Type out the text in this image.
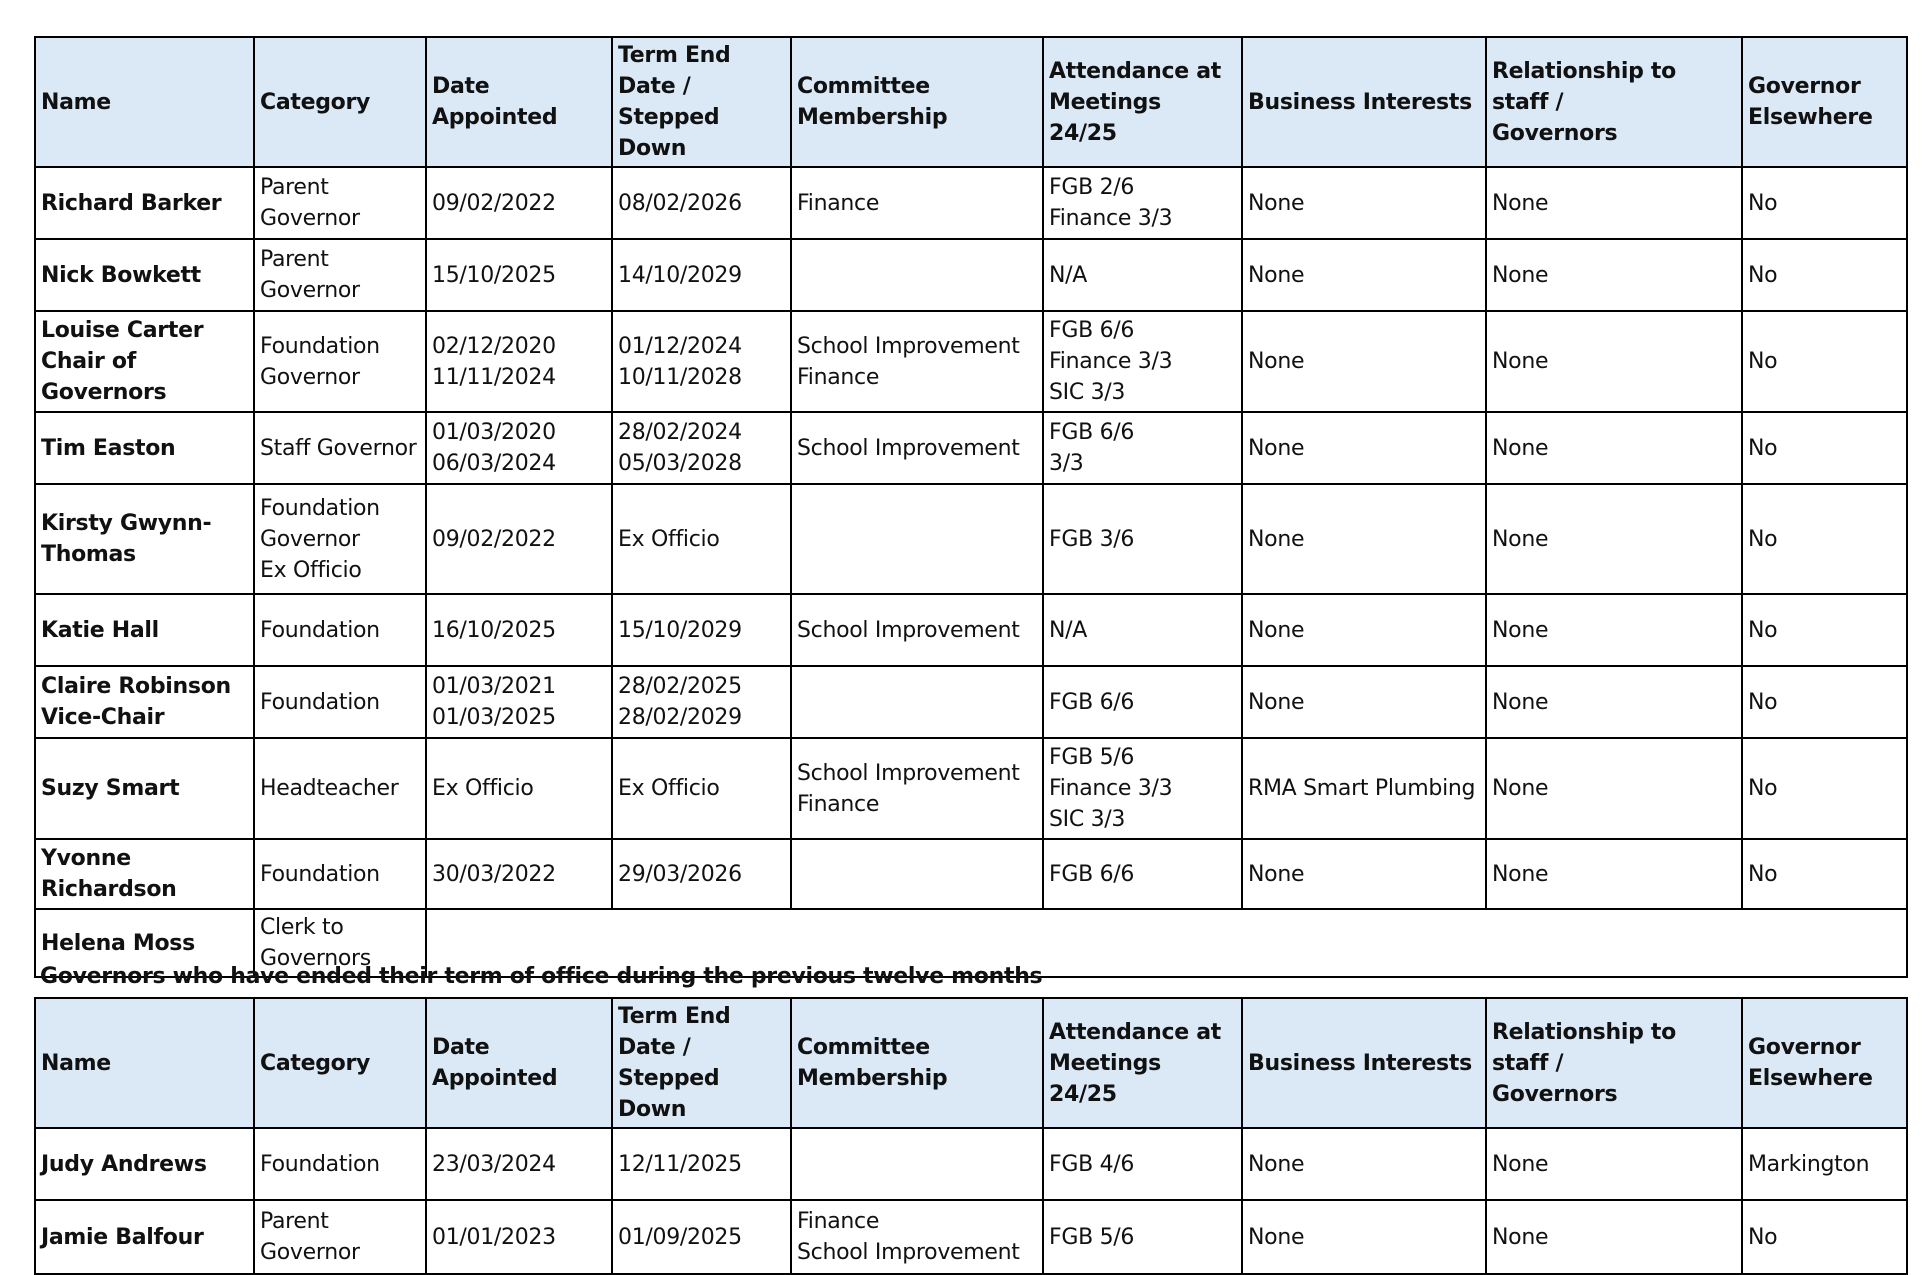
Name	Category	Date Appointed	Term End Date /
Stepped Down	Committee
Membership	Attendance at
Meetings 24/25	Business Interests	Relationship to staff /
Governors	Governor
Elsewhere

Richard Barker	Parent
Governor	09/02/2022	08/02/2026	Finance	FGB 2/6
Finance 3/3	None	None	No

Nick Bowkett	Parent
Governor	15/10/2025	14/10/2029		N/A	None	None	No

Louise Carter
Chair of Governors	Foundation
Governor	02/12/2020
11/11/2024	01/12/2024
10/11/2028	School Improvement
Finance	FGB 6/6
Finance 3/3
SIC 3/3	None	None	No

Tim Easton	Staff Governor	01/03/2020
06/03/2024	28/02/2024
05/03/2028	School Improvement	FGB 6/6
3/3	None	None	No

Kirsty Gwynn-
Thomas	Foundation
Governor
Ex Officio	09/02/2022	Ex Officio		FGB 3/6	None	None	No

Katie Hall	Foundation	16/10/2025	15/10/2029	School Improvement	N/A	None	None	No

Claire Robinson
Vice-Chair	Foundation	01/03/2021
01/03/2025	28/02/2025
28/02/2029		FGB 6/6	None	None	No

Suzy Smart	Headteacher	Ex Officio	Ex Officio	School Improvement
Finance	FGB 5/6
Finance 3/3
SIC 3/3	RMA Smart Plumbing	None	No

Yvonne Richardson	Foundation	30/03/2022	29/03/2026		FGB 6/6	None	None	No

Helena Moss	Clerk to
Governors							

Governors who have ended their term of office during the previous twelve months

Name	Category	Date Appointed	Term End Date /
Stepped Down	Committee
Membership	Attendance at
Meetings 24/25	Business Interests	Relationship to staff /
Governors	Governor
Elsewhere

Judy Andrews	Foundation	23/03/2024	12/11/2025		FGB 4/6	None	None	Markington

Jamie Balfour	Parent
Governor	01/01/2023	01/09/2025	Finance
School Improvement	FGB 5/6	None	None	No
